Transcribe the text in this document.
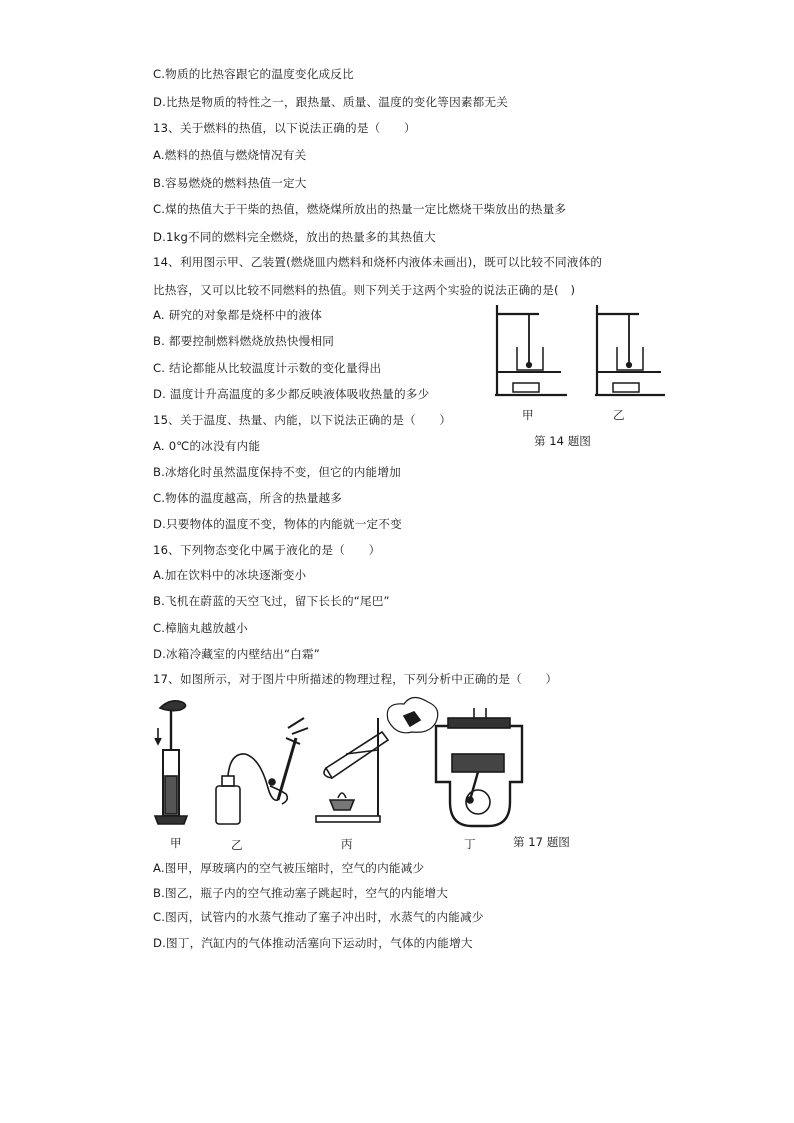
C.物质的比热容跟它的温度变化成反比
D.比热是物质的特性之一，跟热量、质量、温度的变化等因素都无关
13、关于燃料的热值，以下说法正确的是（　　）
A.燃料的热值与燃烧情况有关
B.容易燃烧的燃料热值一定大
C.煤的热值大于干柴的热值，燃烧煤所放出的热量一定比燃烧干柴放出的热量多
D.1kg不同的燃料完全燃烧，放出的热量多的其热值大
14、利用图示甲、乙装置(燃烧皿内燃料和烧杯内液体未画出)，既可以比较不同液体的
比热容，又可以比较不同燃料的热值。则下列关于这两个实验的说法正确的是(　)
A. 研究的对象都是烧杯中的液体
B. 都要控制燃料燃烧放热快慢相同
C. 结论都能从比较温度计示数的变化量得出
D. 温度计升高温度的多少都反映液体吸收热量的多少
甲	乙
第 14 题图
15、关于温度、热量、内能，以下说法正确的是（　　）
A. 0℃的冰没有内能
B.冰熔化时虽然温度保持不变，但它的内能增加
C.物体的温度越高，所含的热量越多
D.只要物体的温度不变，物体的内能就一定不变
16、下列物态变化中属于液化的是（　　）
A.加在饮料中的冰块逐渐变小
B.飞机在蔚蓝的天空飞过，留下长长的“尾巴”
C.樟脑丸越放越小
D.冰箱冷藏室的内壁结出“白霜”
17、如图所示，对于图片中所描述的物理过程，下列分析中正确的是（　　）
甲	乙	丙	丁	第 17 题图
A.图甲，厚玻璃内的空气被压缩时，空气的内能减少
B.图乙，瓶子内的空气推动塞子跳起时，空气的内能增大
C.图丙，试管内的水蒸气推动了塞子冲出时，水蒸气的内能减少
D.图丁，汽缸内的气体推动活塞向下运动时，气体的内能增大
